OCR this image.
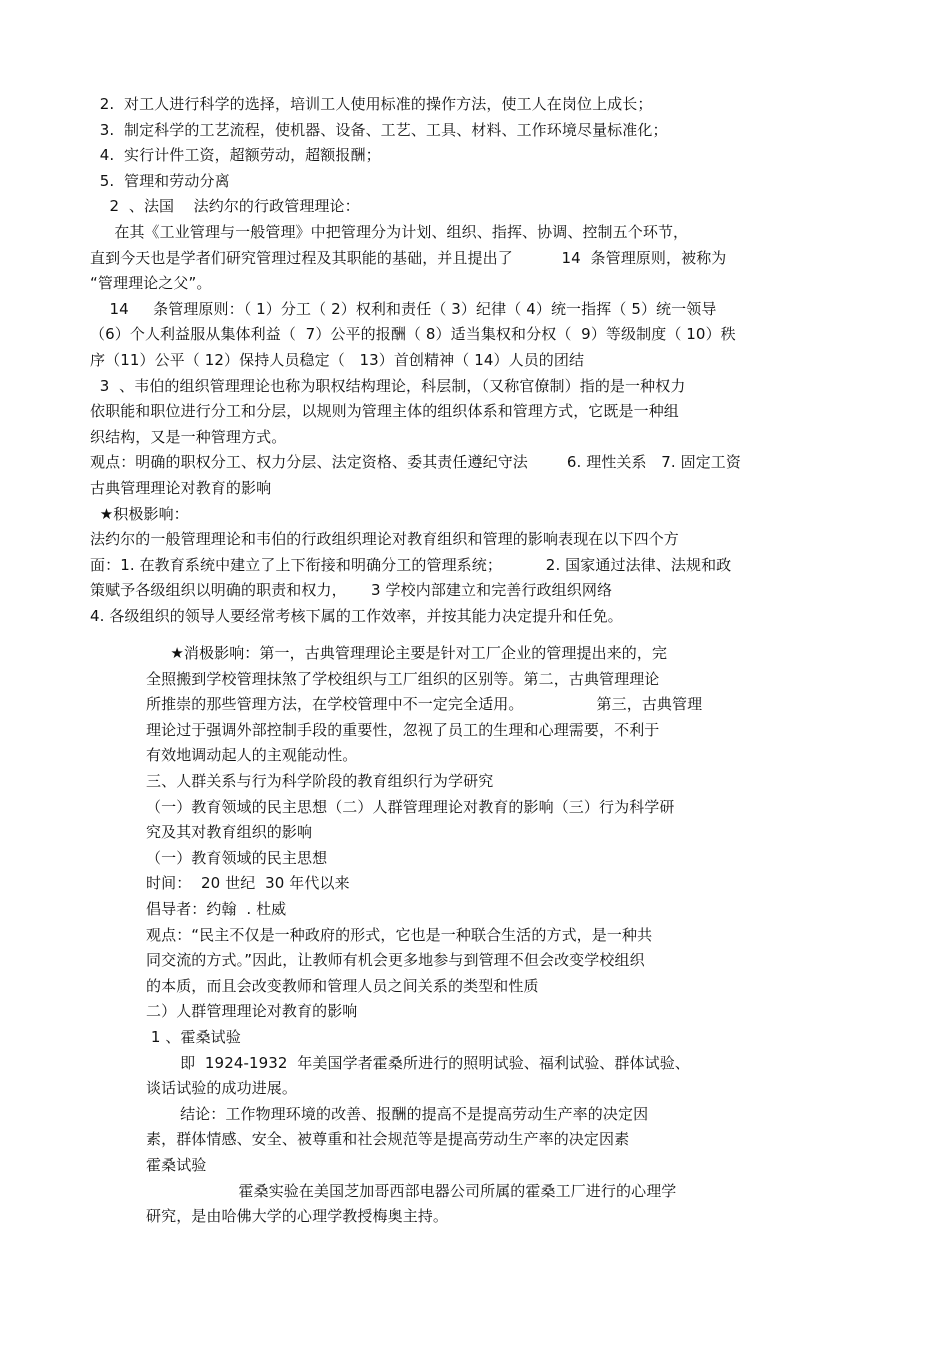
2.  对工人进行科学的选择，培训工人使用标准的操作方法，使工人在岗位上成长；
3.  制定科学的工艺流程，使机器、设备、工艺、工具、材料、工作环境尽量标准化；
4.  实行计件工资，超额劳动，超额报酬；
5.  管理和劳动分离
2  、法国    法约尔的行政管理理论：
在其《工业管理与一般管理》中把管理分为计划、组织、指挥、协调、控制五个环节，
直到今天也是学者们研究管理过程及其职能的基础，并且提出了          14  条管理原则，被称为
“管理理论之父”。
14     条管理原则：（ 1）分工（ 2）权利和责任（ 3）纪律（ 4）统一指挥（ 5）统一领导
（6）个人利益服从集体利益（  7）公平的报酬（ 8）适当集权和分权（  9）等级制度（ 10）秩
序（11）公平（ 12）保持人员稳定（   13）首创精神（ 14）人员的团结
3  、韦伯的组织管理理论也称为职权结构理论，科层制，（又称官僚制）指的是一种权力
依职能和职位进行分工和分层，以规则为管理主体的组织体系和管理方式，它既是一种组
织结构，又是一种管理方式。
观点：明确的职权分工、权力分层、法定资格、委其责任遵纪守法        6. 理性关系   7. 固定工资
古典管理理论对教育的影响
★积极影响：
法约尔的一般管理理论和韦伯的行政组织理论对教育组织和管理的影响表现在以下四个方
面：1. 在教育系统中建立了上下衔接和明确分工的管理系统；         2. 国家通过法律、法规和政
策赋予各级组织以明确的职责和权力，     3 学校内部建立和完善行政组织网络
4. 各级组织的领导人要经常考核下属的工作效率，并按其能力决定提升和任免。
★消极影响：第一，古典管理理论主要是针对工厂企业的管理提出来的，完
全照搬到学校管理抹煞了学校组织与工厂组织的区别等。第二，古典管理理论
所推崇的那些管理方法，在学校管理中不一定完全适用。               第三，古典管理
理论过于强调外部控制手段的重要性，忽视了员工的生理和心理需要，不利于
有效地调动起人的主观能动性。
三、人群关系与行为科学阶段的教育组织行为学研究
（一）教育领域的民主思想（二）人群管理理论对教育的影响（三）行为科学研
究及其对教育组织的影响
（一）教育领域的民主思想
时间：  20 世纪  30 年代以来
倡导者：约翰  . 杜威
观点：“民主不仅是一种政府的形式，它也是一种联合生活的方式，是一种共
同交流的方式。”因此，让教师有机会更多地参与到管理不但会改变学校组织
的本质，而且会改变教师和管理人员之间关系的类型和性质
二）人群管理理论对教育的影响
1 、霍桑试验
即  1924-1932  年美国学者霍桑所进行的照明试验、福利试验、群体试验、
谈话试验的成功进展。
结论：工作物理环境的改善、报酬的提高不是提高劳动生产率的决定因
素，群体情感、安全、被尊重和社会规范等是提高劳动生产率的决定因素
霍桑试验
霍桑实验在美国芝加哥西部电器公司所属的霍桑工厂进行的心理学
研究，是由哈佛大学的心理学教授梅奥主持。
